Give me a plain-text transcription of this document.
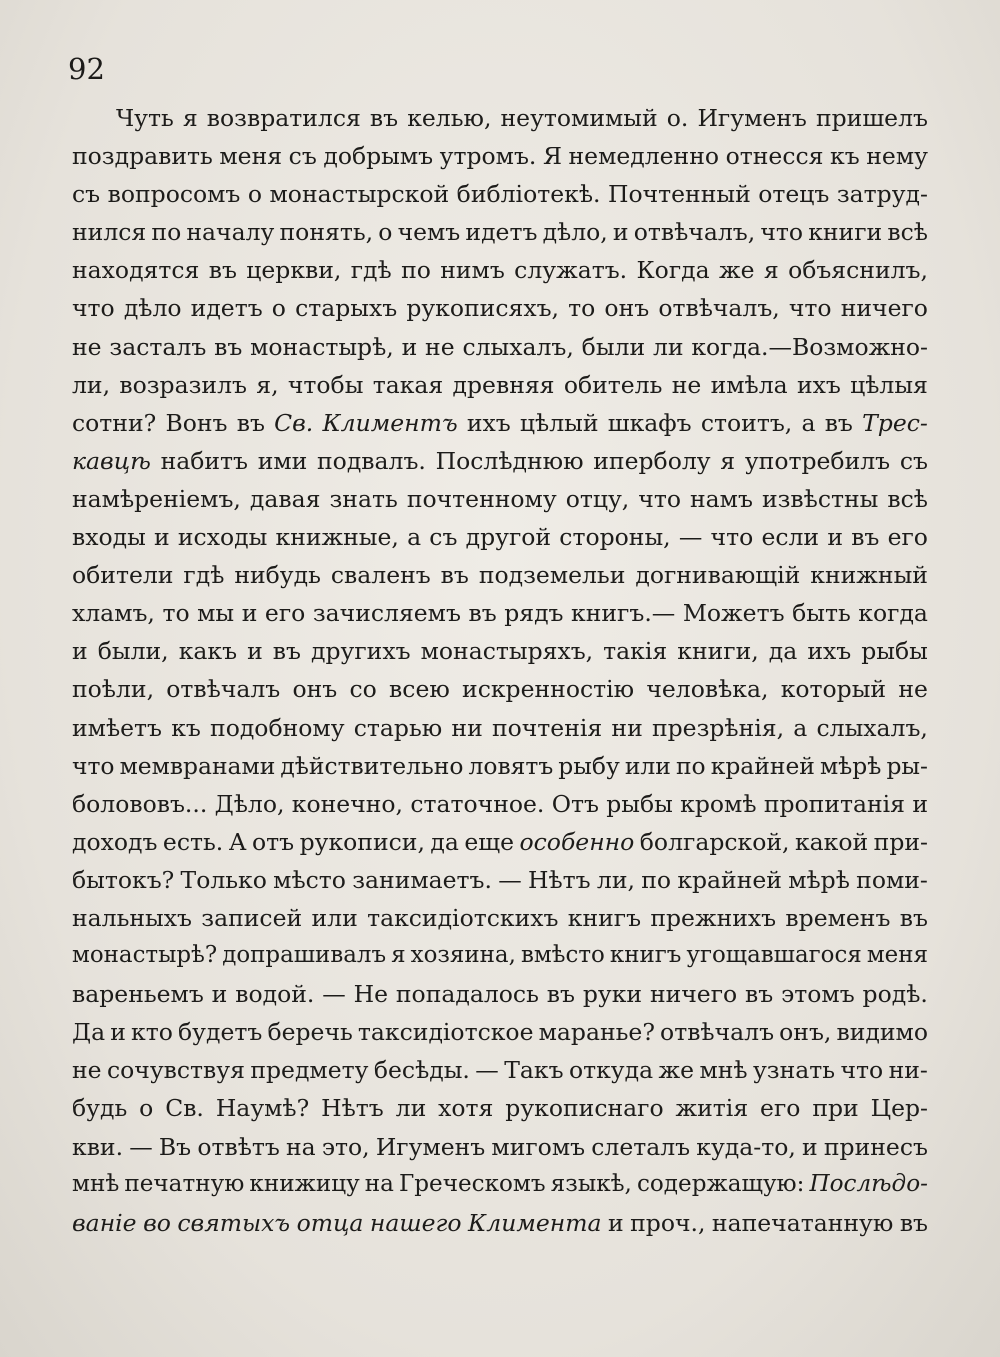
92
Чуть я возвратился въ келью, неутомимый о. Игуменъ пришелъ
поздравить меня съ добрымъ утромъ. Я немедленно отнесся къ нему
съ вопросомъ о монастырской библіотекѣ. Почтенный отецъ затруд-
нился по началу понять, о чемъ идетъ дѣло, и отвѣчалъ, что книги всѣ
находятся въ церкви, гдѣ по нимъ служатъ. Когда же я объяснилъ,
что дѣло идетъ о старыхъ рукописяхъ, то онъ отвѣчалъ, что ничего
не засталъ въ монастырѣ, и не слыхалъ, были ли когда.—Возможно-
ли, возразилъ я, чтобы такая древняя обитель не имѣла ихъ цѣлыя
сотни? Вонъ въ Св. Климентъ ихъ цѣлый шкафъ стоитъ, а въ Трес-
кавцѣ набитъ ими подвалъ. Послѣднюю иперболу я употребилъ съ
намѣреніемъ, давая знать почтенному отцу, что намъ извѣстны всѣ
входы и исходы книжные, а съ другой стороны, — что если и въ его
обители гдѣ нибудь сваленъ въ подземельи догнивающій книжный
хламъ, то мы и его зачисляемъ въ рядъ книгъ.— Можетъ быть когда
и были, какъ и въ другихъ монастыряхъ, такія книги, да ихъ рыбы
поѣли, отвѣчалъ онъ со всею искренностію человѣка, который не
имѣетъ къ подобному старью ни почтенія ни презрѣнія, а слыхалъ,
что мемвранами дѣйствительно ловятъ рыбу или по крайней мѣрѣ ры-
болововъ... Дѣло, конечно, статочное. Отъ рыбы кромѣ пропитанія и
доходъ есть. А отъ рукописи, да еще особенно болгарской, какой при-
бытокъ? Только мѣсто занимаетъ. — Нѣтъ ли, по крайней мѣрѣ поми-
нальныхъ записей или таксидіотскихъ книгъ прежнихъ временъ въ
монастырѣ? допрашивалъ я хозяина, вмѣсто книгъ угощавшагося меня
вареньемъ и водой. — Не попадалось въ руки ничего въ этомъ родѣ.
Да и кто будетъ беречь таксидіотское маранье? отвѣчалъ онъ, видимо
не сочувствуя предмету бесѣды. — Такъ откуда же мнѣ узнать что ни-
будь о Св. Наумѣ? Нѣтъ ли хотя рукописнаго житія его при Цер-
кви. — Въ отвѣтъ на это, Игуменъ мигомъ слеталъ куда-то, и принесъ
мнѣ печатную книжицу на Греческомъ языкѣ, содержащую: Послѣдо-
ваніе во святыхъ отца нашего Климента и проч., напечатанную въ
